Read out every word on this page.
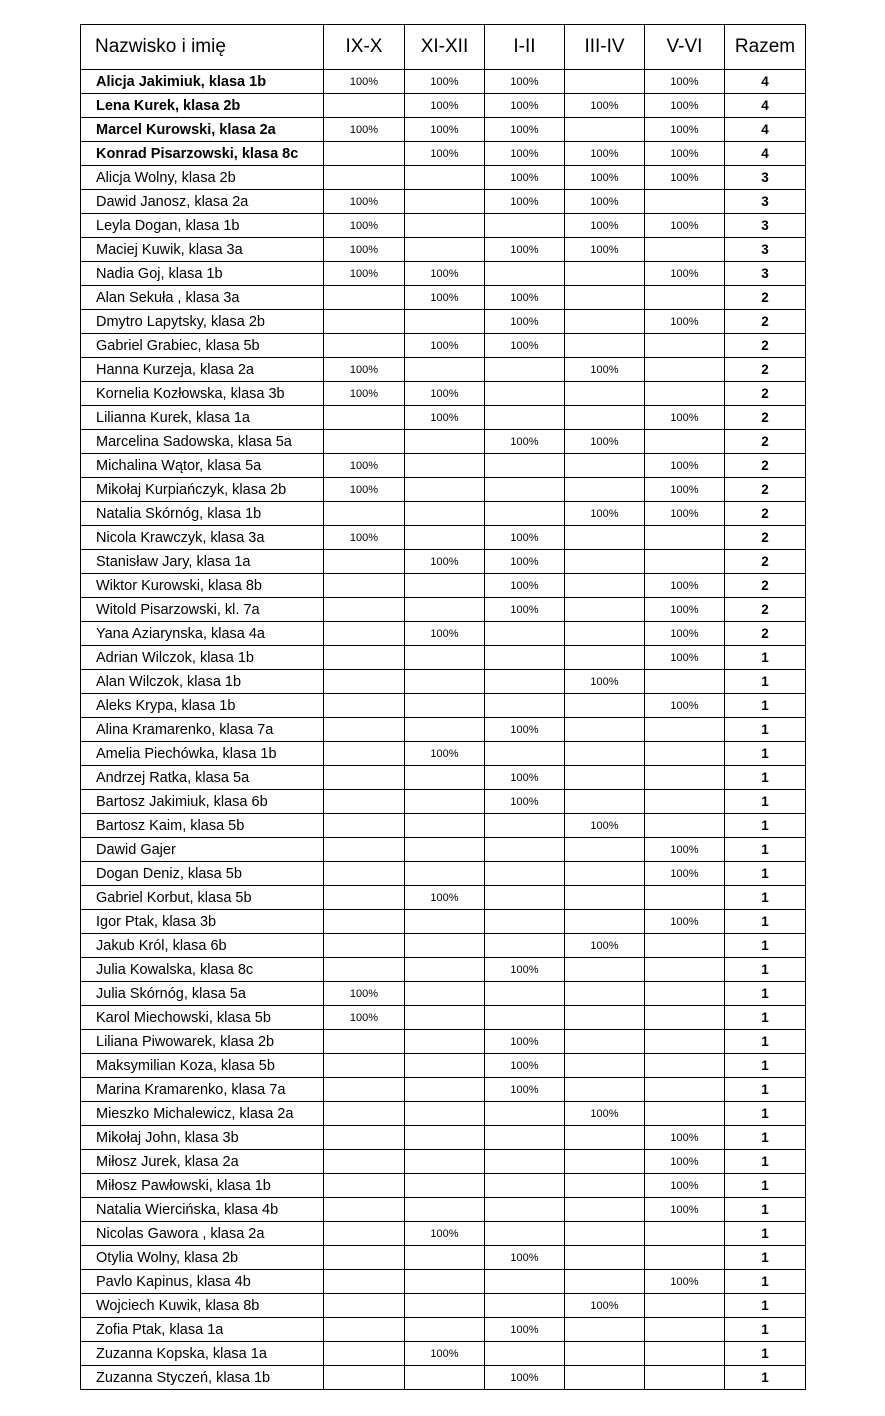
Nazwisko i imię	IX-X	XI-XII	I-II	III-IV	V-VI	Razem
Alicja Jakimiuk, klasa 1b	100%	100%	100%		100%	4
Lena Kurek, klasa 2b		100%	100%	100%	100%	4
Marcel Kurowski, klasa 2a	100%	100%	100%		100%	4
Konrad Pisarzowski, klasa 8c		100%	100%	100%	100%	4
Alicja Wolny, klasa 2b			100%	100%	100%	3
Dawid Janosz, klasa 2a	100%		100%	100%		3
Leyla Dogan, klasa 1b	100%			100%	100%	3
Maciej Kuwik, klasa 3a	100%		100%	100%		3
Nadia Goj, klasa 1b	100%	100%			100%	3
Alan Sekuła , klasa 3a		100%	100%			2
Dmytro Lapytsky, klasa 2b			100%		100%	2
Gabriel Grabiec, klasa 5b		100%	100%			2
Hanna Kurzeja, klasa 2a	100%			100%		2
Kornelia Kozłowska, klasa 3b	100%	100%				2
Lilianna Kurek, klasa 1a		100%			100%	2
Marcelina Sadowska, klasa 5a			100%	100%		2
Michalina Wątor, klasa 5a	100%				100%	2
Mikołaj Kurpiańczyk, klasa 2b	100%				100%	2
Natalia Skórnóg, klasa 1b				100%	100%	2
Nicola Krawczyk, klasa 3a	100%		100%			2
Stanisław Jary, klasa 1a		100%	100%			2
Wiktor Kurowski, klasa 8b			100%		100%	2
Witold Pisarzowski, kl. 7a			100%		100%	2
Yana Aziarynska, klasa 4a		100%			100%	2
Adrian Wilczok, klasa 1b					100%	1
Alan Wilczok, klasa 1b				100%		1
Aleks Krypa, klasa 1b					100%	1
Alina Kramarenko, klasa 7a			100%			1
Amelia Piechówka, klasa 1b		100%				1
Andrzej Ratka, klasa 5a			100%			1
Bartosz Jakimiuk, klasa 6b			100%			1
Bartosz Kaim, klasa 5b				100%		1
Dawid Gajer					100%	1
Dogan Deniz, klasa 5b					100%	1
Gabriel Korbut, klasa 5b		100%				1
Igor Ptak, klasa 3b					100%	1
Jakub Król, klasa 6b				100%		1
Julia Kowalska, klasa 8c			100%			1
Julia Skórnóg, klasa 5a	100%					1
Karol Miechowski, klasa 5b	100%					1
Liliana Piwowarek, klasa 2b			100%			1
Maksymilian Koza, klasa 5b			100%			1
Marina Kramarenko, klasa 7a			100%			1
Mieszko Michalewicz, klasa 2a				100%		1
Mikołaj John, klasa 3b					100%	1
Miłosz Jurek, klasa 2a					100%	1
Miłosz Pawłowski, klasa 1b					100%	1
Natalia Wiercińska, klasa 4b					100%	1
Nicolas Gawora , klasa 2a		100%				1
Otylia Wolny, klasa 2b			100%			1
Pavlo Kapinus, klasa 4b					100%	1
Wojciech Kuwik, klasa 8b				100%		1
Zofia Ptak, klasa 1a			100%			1
Zuzanna Kopska, klasa 1a		100%				1
Zuzanna Styczeń, klasa 1b			100%			1
